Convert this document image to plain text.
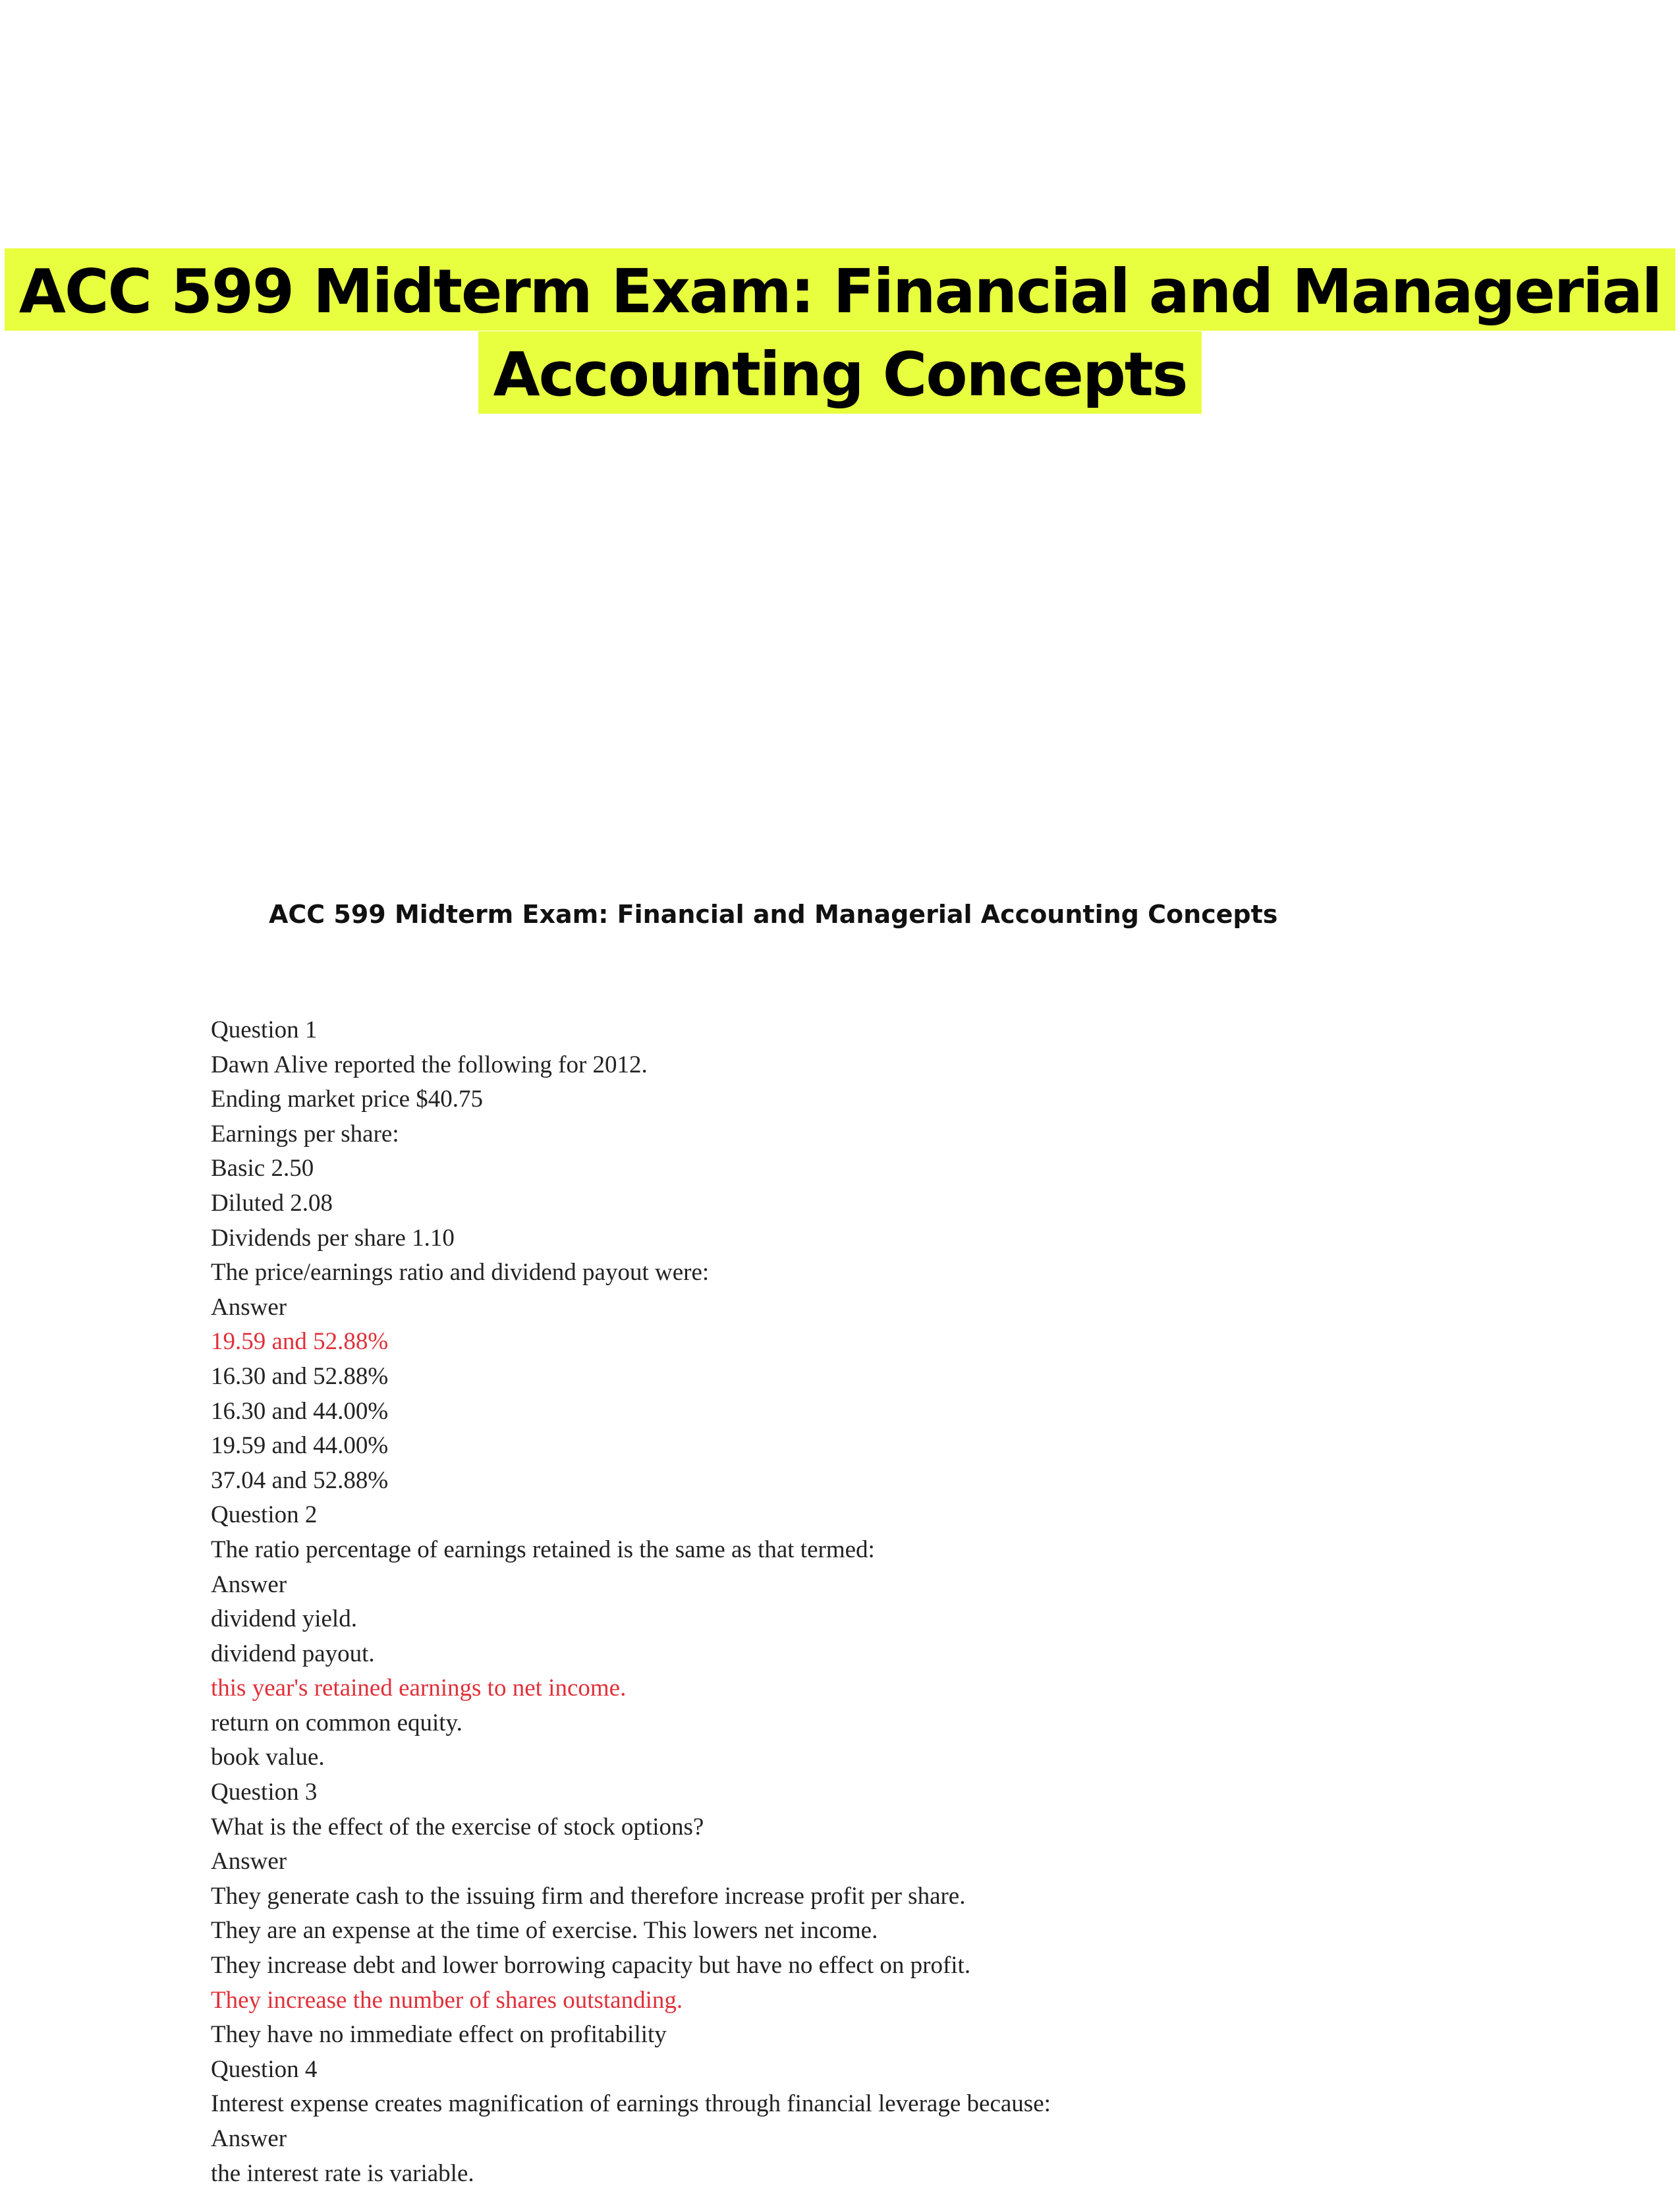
ACC 599 Midterm Exam: Financial and Managerial
Accounting Concepts
ACC 599 Midterm Exam: Financial and Managerial Accounting Concepts
Question 1
Dawn Alive reported the following for 2012.
Ending market price $40.75
Earnings per share:
Basic 2.50
Diluted 2.08
Dividends per share 1.10
The price/earnings ratio and dividend payout were:
Answer
19.59 and 52.88%
16.30 and 52.88%
16.30 and 44.00%
19.59 and 44.00%
37.04 and 52.88%
Question 2
The ratio percentage of earnings retained is the same as that termed:
Answer
dividend yield.
dividend payout.
this year's retained earnings to net income.
return on common equity.
book value.
Question 3
What is the effect of the exercise of stock options?
Answer
They generate cash to the issuing firm and therefore increase profit per share.
They are an expense at the time of exercise. This lowers net income.
They increase debt and lower borrowing capacity but have no effect on profit.
They increase the number of shares outstanding.
They have no immediate effect on profitability
Question 4
Interest expense creates magnification of earnings through financial leverage because:
Answer
the interest rate is variable.
